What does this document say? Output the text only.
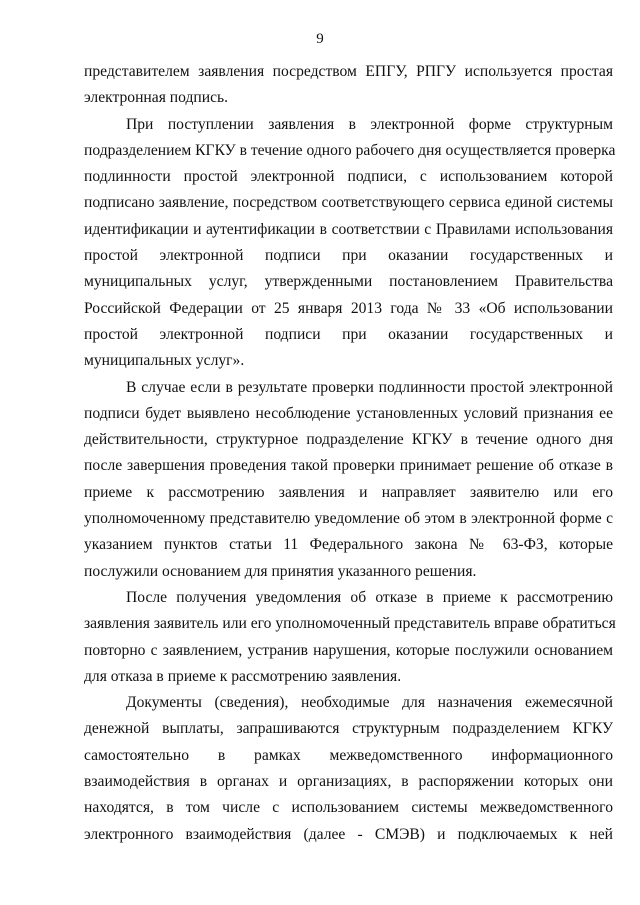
9
представителем заявления посредством ЕПГУ, РПГУ используется простая
электронная подпись.
При поступлении заявления в электронной форме структурным
подразделением КГКУ в течение одного рабочего дня осуществляется проверка
подлинности простой электронной подписи, с использованием которой
подписано заявление, посредством соответствующего сервиса единой системы
идентификации и аутентификации в соответствии с Правилами использования
простой электронной подписи при оказании государственных и
муниципальных услуг, утвержденными постановлением Правительства
Российской Федерации от 25 января 2013 года № 33 «Об использовании
простой электронной подписи при оказании государственных и
муниципальных услуг».
В случае если в результате проверки подлинности простой электронной
подписи будет выявлено несоблюдение установленных условий признания ее
действительности, структурное подразделение КГКУ в течение одного дня
после завершения проведения такой проверки принимает решение об отказе в
приеме к рассмотрению заявления и направляет заявителю или его
уполномоченному представителю уведомление об этом в электронной форме с
указанием пунктов статьи 11 Федерального закона № 63-ФЗ, которые
послужили основанием для принятия указанного решения.
После получения уведомления об отказе в приеме к рассмотрению
заявления заявитель или его уполномоченный представитель вправе обратиться
повторно с заявлением, устранив нарушения, которые послужили основанием
для отказа в приеме к рассмотрению заявления.
Документы (сведения), необходимые для назначения ежемесячной
денежной выплаты, запрашиваются структурным подразделением КГКУ
самостоятельно в рамках межведомственного информационного
взаимодействия в органах и организациях, в распоряжении которых они
находятся, в том числе с использованием системы межведомственного
электронного взаимодействия (далее - СМЭВ) и подключаемых к ней
